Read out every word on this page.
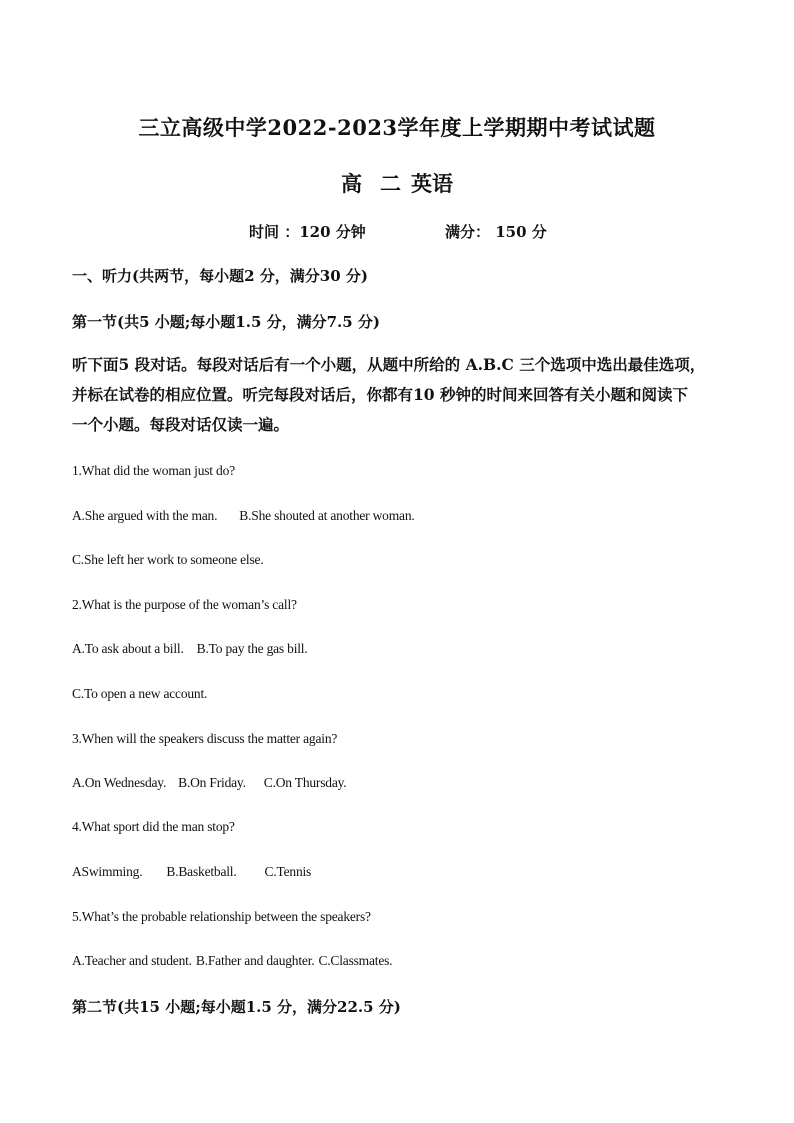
三立高级中学2022-2023学年度上学期期中考试试题
高 二 英语
时间 ：120 分钟	满分： 150 分
一、听力(共两节，每小题2 分，满分30 分)
第一节(共5 小题;每小题1.5 分，满分7.5 分)
听下面5 段对话。每段对话后有一个小题，从题中所给的 A.B.C 三个选项中选出最佳选项，
并标在试卷的相应位置。听完每段对话后，你都有10 秒钟的时间来回答有关小题和阅读下
一个小题。每段对话仅读一遍。
1.What did the woman just do?
A.She argued with the man. B.She shouted at another woman.
C.She left her work to someone else.
2.What is the purpose of the woman’s call?
A.To ask about a bill. B.To pay the gas bill.
C.To open a new account.
3.When will the speakers discuss the matter again?
A.On Wednesday. B.On Friday. C.On Thursday.
4.What sport did the man stop?
ASwimming. B.Basketball. C.Tennis
5.What’s the probable relationship between the speakers?
A.Teacher and student. B.Father and daughter. C.Classmates.
第二节(共15 小题;每小题1.5 分，满分22.5 分)
